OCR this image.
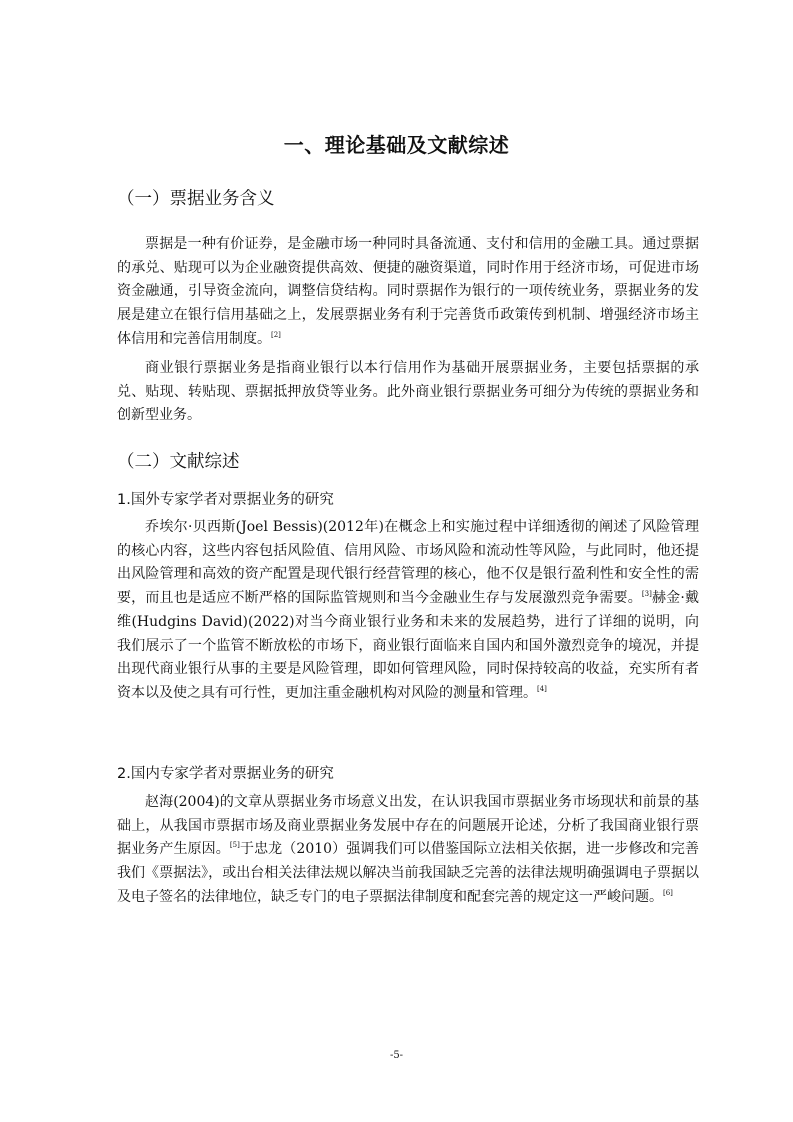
一、理论基础及文献综述
（一）票据业务含义

票据是一种有价证券，是金融市场一种同时具备流通、支付和信用的金融工具。通过票据的承兑、贴现可以为企业融资提供高效、便捷的融资渠道，同时作用于经济市场，可促进市场资金融通，引导资金流向，调整信贷结构。同时票据作为银行的一项传统业务，票据业务的发展是建立在银行信用基础之上，发展票据业务有利于完善货币政策传到机制、增强经济市场主体信用和完善信用制度。[2]

商业银行票据业务是指商业银行以本行信用作为基础开展票据业务，主要包括票据的承兑、贴现、转贴现、票据抵押放贷等业务。此外商业银行票据业务可细分为传统的票据业务和创新型业务。

（二）文献综述
1.国外专家学者对票据业务的研究

乔埃尔·贝西斯(Joel Bessis)(2012年)在概念上和实施过程中详细透彻的阐述了风险管理的核心内容，这些内容包括风险值、信用风险、市场风险和流动性等风险，与此同时，他还提出风险管理和高效的资产配置是现代银行经营管理的核心，他不仅是银行盈利性和安全性的需要，而且也是适应不断严格的国际监管规则和当今金融业生存与发展激烈竞争需要。[3]赫金·戴维(Hudgins David)(2022)对当今商业银行业务和未来的发展趋势，进行了详细的说明，向我们展示了一个监管不断放松的市场下，商业银行面临来自国内和国外激烈竞争的境况，并提出现代商业银行从事的主要是风险管理，即如何管理风险，同时保持较高的收益，充实所有者资本以及使之具有可行性，更加注重金融机构对风险的测量和管理。[4]

2.国内专家学者对票据业务的研究

赵海(2004)的文章从票据业务市场意义出发，在认识我国市票据业务市场现状和前景的基础上，从我国市票据市场及商业票据业务发展中存在的问题展开论述，分析了我国商业银行票据业务产生原因。[5]于忠龙（2010）强调我们可以借鉴国际立法相关依据，进一步修改和完善我们《票据法》，或出台相关法律法规以解决当前我国缺乏完善的法律法规明确强调电子票据以及电子签名的法律地位，缺乏专门的电子票据法律制度和配套完善的规定这一严峻问题。[6]

-5-
